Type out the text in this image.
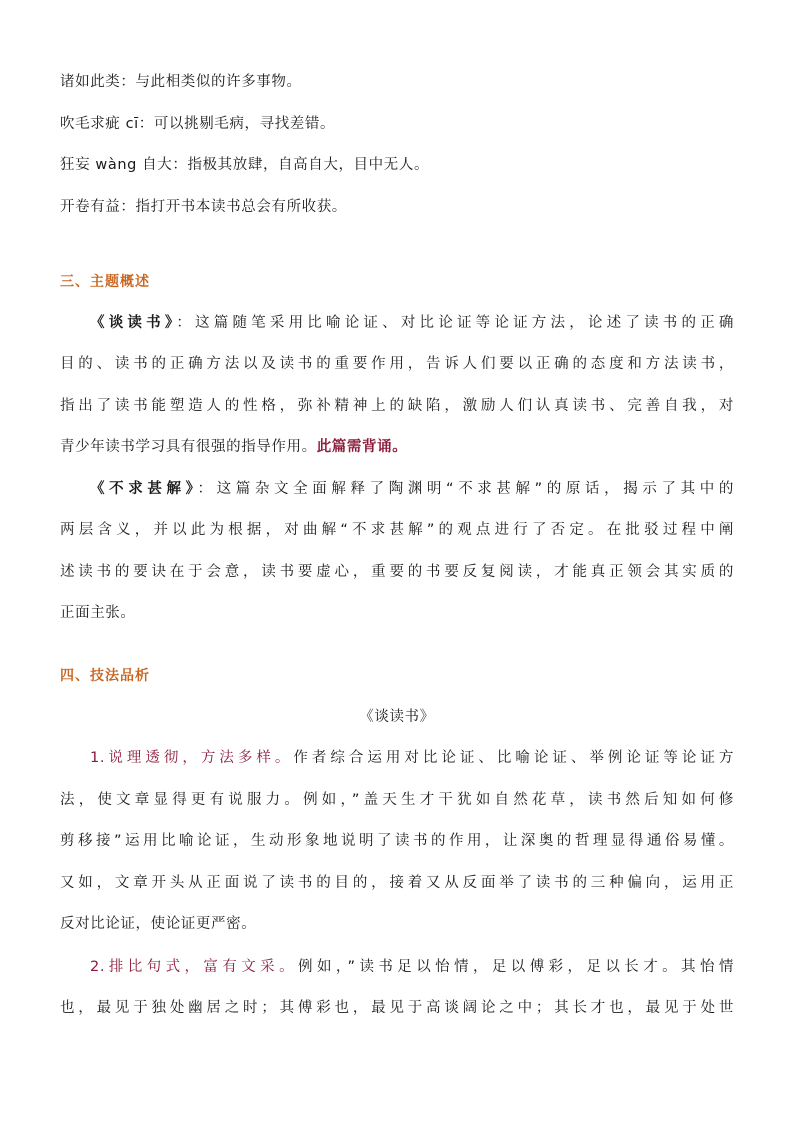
诸如此类：与此相类似的许多事物。
吹毛求疵 cī：可以挑剔毛病，寻找差错。
狂妄 wàng 自大：指极其放肆，自高自大，目中无人。
开卷有益：指打开书本读书总会有所收获。
三、主题概述
《谈读书》：这篇随笔采用比喻论证、对比论证等论证方法，论述了读书的正确
目的、读书的正确方法以及读书的重要作用，告诉人们要以正确的态度和方法读书，
指出了读书能塑造人的性格，弥补精神上的缺陷，激励人们认真读书、完善自我，对
青少年读书学习具有很强的指导作用。此篇需背诵。
《不求甚解》：这篇杂文全面解释了陶渊明“不求甚解”的原话，揭示了其中的
两层含义，并以此为根据，对曲解“不求甚解”的观点进行了否定。在批驳过程中阐
述读书的要诀在于会意，读书要虚心，重要的书要反复阅读，才能真正领会其实质的
正面主张。
四、技法品析
《谈读书》
1.说理透彻，方法多样。作者综合运用对比论证、比喻论证、举例论证等论证方
法，使文章显得更有说服力。例如，”盖天生才干犹如自然花草，读书然后知如何修
剪移接”运用比喻论证，生动形象地说明了读书的作用，让深奥的哲理显得通俗易懂。
又如，文章开头从正面说了读书的目的，接着又从反面举了读书的三种偏向，运用正
反对比论证，使论证更严密。
2.排比句式，富有文采。例如，”读书足以怡情，足以傅彩，足以长才。其怡情
也，最见于独处幽居之时；其傅彩也，最见于高谈阔论之中；其长才也，最见于处世
